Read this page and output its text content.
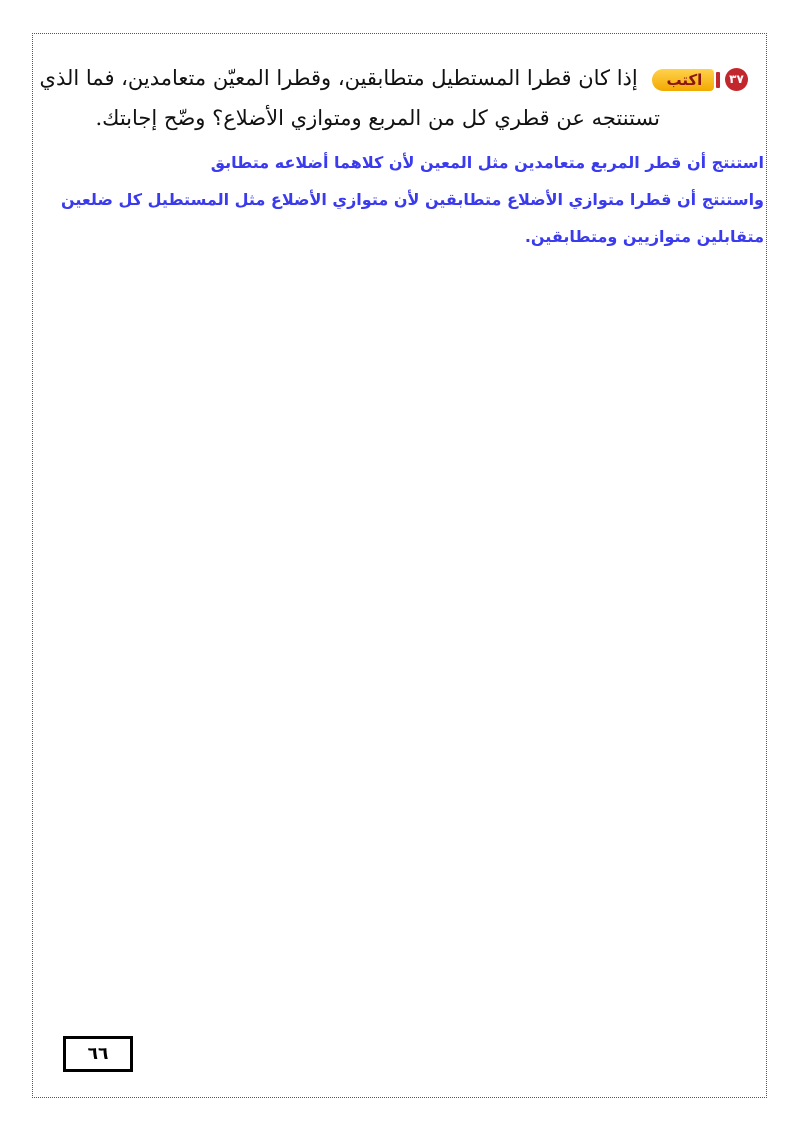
٣٧ اكتب إذا كان قطرا المستطيل متطابقين، وقطرا المعيّن متعامدين، فما الذي
تستنتجه عن قطري كل من المربع ومتوازي الأضلاع؟ وضّح إجابتك.
استنتج أن قطر المربع متعامدين مثل المعين لأن كلاهما أضلاعه متطابق
واستنتج أن قطرا متوازي الأضلاع متطابقين لأن متوازي الأضلاع مثل المستطيل كل ضلعين
متقابلين متوازيين ومتطابقين.
٦٦
